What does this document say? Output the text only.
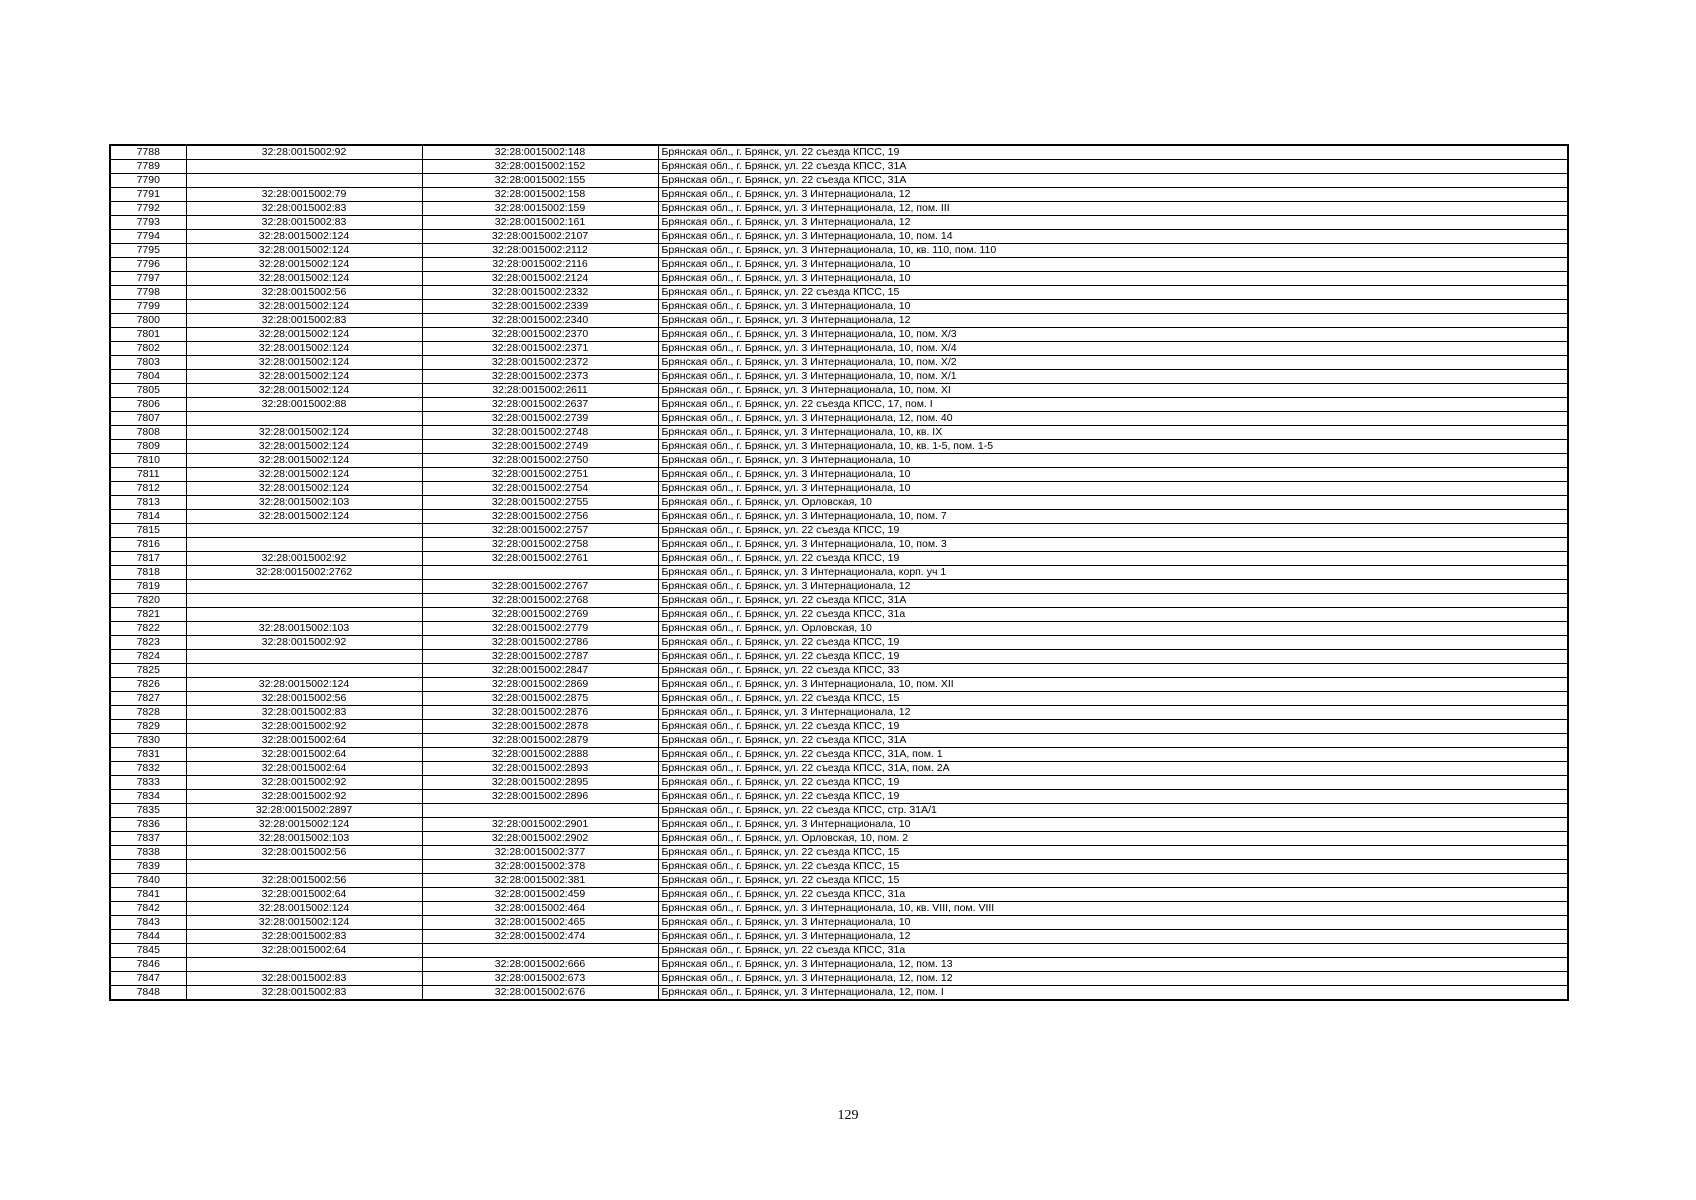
7788	32:28:0015002:92	32:28:0015002:148	Брянская обл., г. Брянск, ул. 22 съезда КПСС, 19
7789		32:28:0015002:152	Брянская обл., г. Брянск, ул. 22 съезда КПСС, 31А
7790		32:28:0015002:155	Брянская обл., г. Брянск, ул. 22 съезда КПСС, 31А
7791	32:28:0015002:79	32:28:0015002:158	Брянская обл., г. Брянск, ул. 3 Интернационала, 12
7792	32:28:0015002:83	32:28:0015002:159	Брянская обл., г. Брянск, ул. 3 Интернационала, 12, пом. III
7793	32:28:0015002:83	32:28:0015002:161	Брянская обл., г. Брянск, ул. 3 Интернационала, 12
7794	32:28:0015002:124	32:28:0015002:2107	Брянская обл., г. Брянск, ул. 3 Интернационала, 10, пом. 14
7795	32:28:0015002:124	32:28:0015002:2112	Брянская обл., г. Брянск, ул. 3 Интернационала, 10, кв. 110, пом. 110
7796	32:28:0015002:124	32:28:0015002:2116	Брянская обл., г. Брянск, ул. 3 Интернационала, 10
7797	32:28:0015002:124	32:28:0015002:2124	Брянская обл., г. Брянск, ул. 3 Интернационала, 10
7798	32:28:0015002:56	32:28:0015002:2332	Брянская обл., г. Брянск, ул. 22 съезда КПСС, 15
7799	32:28:0015002:124	32:28:0015002:2339	Брянская обл., г. Брянск, ул. 3 Интернационала, 10
7800	32:28:0015002:83	32:28:0015002:2340	Брянская обл., г. Брянск, ул. 3 Интернационала, 12
7801	32:28:0015002:124	32:28:0015002:2370	Брянская обл., г. Брянск, ул. 3 Интернационала, 10, пом. X/3
7802	32:28:0015002:124	32:28:0015002:2371	Брянская обл., г. Брянск, ул. 3 Интернационала, 10, пом. X/4
7803	32:28:0015002:124	32:28:0015002:2372	Брянская обл., г. Брянск, ул. 3 Интернационала, 10, пом. X/2
7804	32:28:0015002:124	32:28:0015002:2373	Брянская обл., г. Брянск, ул. 3 Интернационала, 10, пом. X/1
7805	32:28:0015002:124	32:28:0015002:2611	Брянская обл., г. Брянск, ул. 3 Интернационала, 10, пом. XI
7806	32:28:0015002:88	32:28:0015002:2637	Брянская обл., г. Брянск, ул. 22 съезда КПСС, 17, пом. I
7807		32:28:0015002:2739	Брянская обл., г. Брянск, ул. 3 Интернационала, 12, пом. 40
7808	32:28:0015002:124	32:28:0015002:2748	Брянская обл., г. Брянск, ул. 3 Интернационала, 10, кв. IX
7809	32:28:0015002:124	32:28:0015002:2749	Брянская обл., г. Брянск, ул. 3 Интернационала, 10, кв. 1-5, пом. 1-5
7810	32:28:0015002:124	32:28:0015002:2750	Брянская обл., г. Брянск, ул. 3 Интернационала, 10
7811	32:28:0015002:124	32:28:0015002:2751	Брянская обл., г. Брянск, ул. 3 Интернационала, 10
7812	32:28:0015002:124	32:28:0015002:2754	Брянская обл., г. Брянск, ул. 3 Интернационала, 10
7813	32:28:0015002:103	32:28:0015002:2755	Брянская обл., г. Брянск, ул. Орловская, 10
7814	32:28:0015002:124	32:28:0015002:2756	Брянская обл., г. Брянск, ул. 3 Интернационала, 10, пом. 7
7815		32:28:0015002:2757	Брянская обл., г. Брянск, ул. 22 съезда КПСС, 19
7816		32:28:0015002:2758	Брянская обл., г. Брянск, ул. 3 Интернационала, 10, пом. 3
7817	32:28:0015002:92	32:28:0015002:2761	Брянская обл., г. Брянск, ул. 22 съезда КПСС, 19
7818	32:28:0015002:2762		Брянская обл., г. Брянск, ул. 3 Интернационала, корп. уч 1
7819		32:28:0015002:2767	Брянская обл., г. Брянск, ул. 3 Интернационала, 12
7820		32:28:0015002:2768	Брянская обл., г. Брянск, ул. 22 съезда КПСС, 31А
7821		32:28:0015002:2769	Брянская обл., г. Брянск, ул. 22 съезда КПСС, 31а
7822	32:28:0015002:103	32:28:0015002:2779	Брянская обл., г. Брянск, ул. Орловская, 10
7823	32:28:0015002:92	32:28:0015002:2786	Брянская обл., г. Брянск, ул. 22 съезда КПСС, 19
7824		32:28:0015002:2787	Брянская обл., г. Брянск, ул. 22 съезда КПСС, 19
7825		32:28:0015002:2847	Брянская обл., г. Брянск, ул. 22 съезда КПСС, 33
7826	32:28:0015002:124	32:28:0015002:2869	Брянская обл., г. Брянск, ул. 3 Интернационала, 10, пом. XII
7827	32:28:0015002:56	32:28:0015002:2875	Брянская обл., г. Брянск, ул. 22 съезда КПСС, 15
7828	32:28:0015002:83	32:28:0015002:2876	Брянская обл., г. Брянск, ул. 3 Интернационала, 12
7829	32:28:0015002:92	32:28:0015002:2878	Брянская обл., г. Брянск, ул. 22 съезда КПСС, 19
7830	32:28:0015002:64	32:28:0015002:2879	Брянская обл., г. Брянск, ул. 22 съезда КПСС, 31А
7831	32:28:0015002:64	32:28:0015002:2888	Брянская обл., г. Брянск, ул. 22 съезда КПСС, 31А, пом. 1
7832	32:28:0015002:64	32:28:0015002:2893	Брянская обл., г. Брянск, ул. 22 съезда КПСС, 31А, пом. 2А
7833	32:28:0015002:92	32:28:0015002:2895	Брянская обл., г. Брянск, ул. 22 съезда КПСС, 19
7834	32:28:0015002:92	32:28:0015002:2896	Брянская обл., г. Брянск, ул. 22 съезда КПСС, 19
7835	32:28:0015002:2897		Брянская обл., г. Брянск, ул. 22 съезда КПСС, стр. 31А/1
7836	32:28:0015002:124	32:28:0015002:2901	Брянская обл., г. Брянск, ул. 3 Интернационала, 10
7837	32:28:0015002:103	32:28:0015002:2902	Брянская обл., г. Брянск, ул. Орловская, 10, пом. 2
7838	32:28:0015002:56	32:28:0015002:377	Брянская обл., г. Брянск, ул. 22 съезда КПСС, 15
7839		32:28:0015002:378	Брянская обл., г. Брянск, ул. 22 съезда КПСС, 15
7840	32:28:0015002:56	32:28:0015002:381	Брянская обл., г. Брянск, ул. 22 съезда КПСС, 15
7841	32:28:0015002:64	32:28:0015002:459	Брянская обл., г. Брянск, ул. 22 съезда КПСС, 31а
7842	32:28:0015002:124	32:28:0015002:464	Брянская обл., г. Брянск, ул. 3 Интернационала, 10, кв. VIII, пом. VIII
7843	32:28:0015002:124	32:28:0015002:465	Брянская обл., г. Брянск, ул. 3 Интернационала, 10
7844	32:28:0015002:83	32:28:0015002:474	Брянская обл., г. Брянск, ул. 3 Интернационала, 12
7845	32:28:0015002:64		Брянская обл., г. Брянск, ул. 22 съезда КПСС, 31а
7846		32:28:0015002:666	Брянская обл., г. Брянск, ул. 3 Интернационала, 12, пом. 13
7847	32:28:0015002:83	32:28:0015002:673	Брянская обл., г. Брянск, ул. 3 Интернационала, 12, пом. 12
7848	32:28:0015002:83	32:28:0015002:676	Брянская обл., г. Брянск, ул. 3 Интернационала, 12, пом. I
129
